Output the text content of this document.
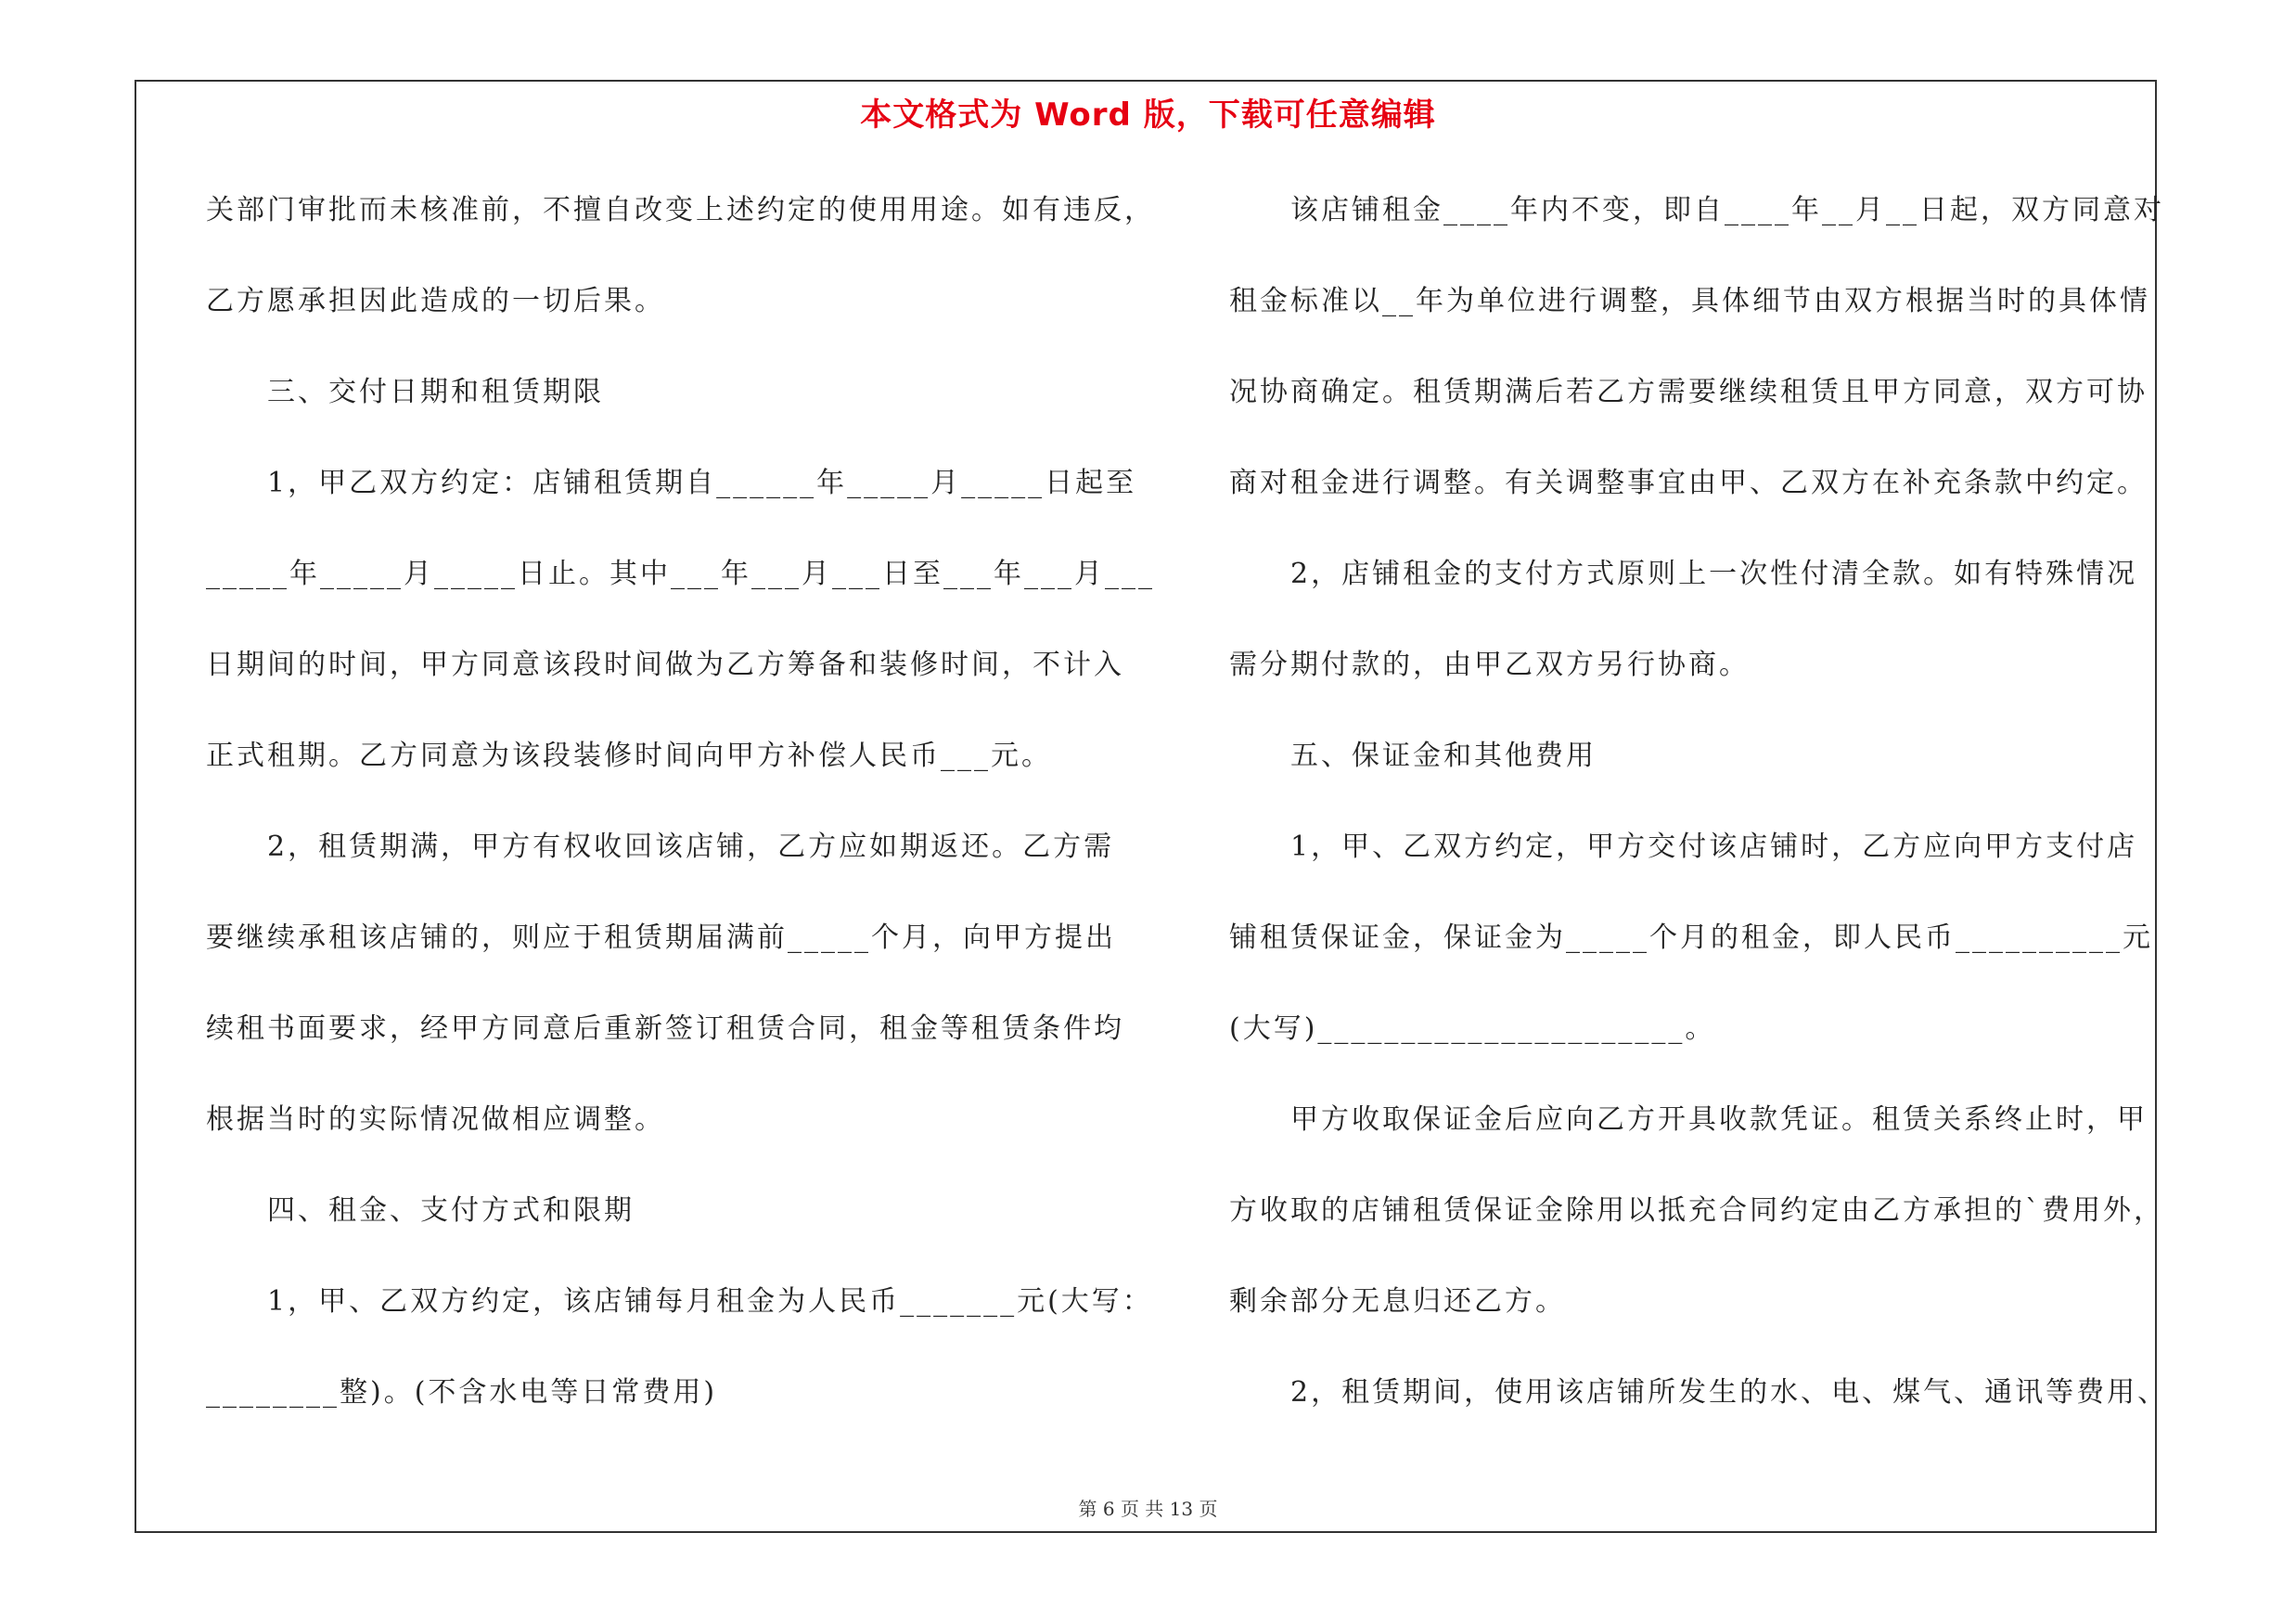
本文格式为 Word 版，下载可任意编辑
关部门审批而未核准前，不擅自改变上述约定的使用用途。如有违反，
乙方愿承担因此造成的一切后果。
三、交付日期和租赁期限
1，甲乙双方约定：店铺租赁期自______年_____月_____日起至
_____年_____月_____日止。其中___年___月___日至___年___月___
日期间的时间，甲方同意该段时间做为乙方筹备和装修时间，不计入
正式租期。乙方同意为该段装修时间向甲方补偿人民币___元。
2，租赁期满，甲方有权收回该店铺，乙方应如期返还。乙方需
要继续承租该店铺的，则应于租赁期届满前_____个月，向甲方提出
续租书面要求，经甲方同意后重新签订租赁合同，租金等租赁条件均
根据当时的实际情况做相应调整。
四、租金、支付方式和限期
1，甲、乙双方约定，该店铺每月租金为人民币_______元(大写：
________整)。(不含水电等日常费用)
该店铺租金____年内不变，即自____年__月__日起，双方同意对
租金标准以__年为单位进行调整，具体细节由双方根据当时的具体情
况协商确定。租赁期满后若乙方需要继续租赁且甲方同意，双方可协
商对租金进行调整。有关调整事宜由甲、乙双方在补充条款中约定。
2，店铺租金的支付方式原则上一次性付清全款。如有特殊情况
需分期付款的，由甲乙双方另行协商。
五、保证金和其他费用
1，甲、乙双方约定，甲方交付该店铺时，乙方应向甲方支付店
铺租赁保证金，保证金为_____个月的租金，即人民币__________元
(大写)______________________。
甲方收取保证金后应向乙方开具收款凭证。租赁关系终止时，甲
方收取的店铺租赁保证金除用以抵充合同约定由乙方承担的`费用外，
剩余部分无息归还乙方。
2，租赁期间，使用该店铺所发生的水、电、煤气、通讯等费用、
第 6 页 共 13 页
